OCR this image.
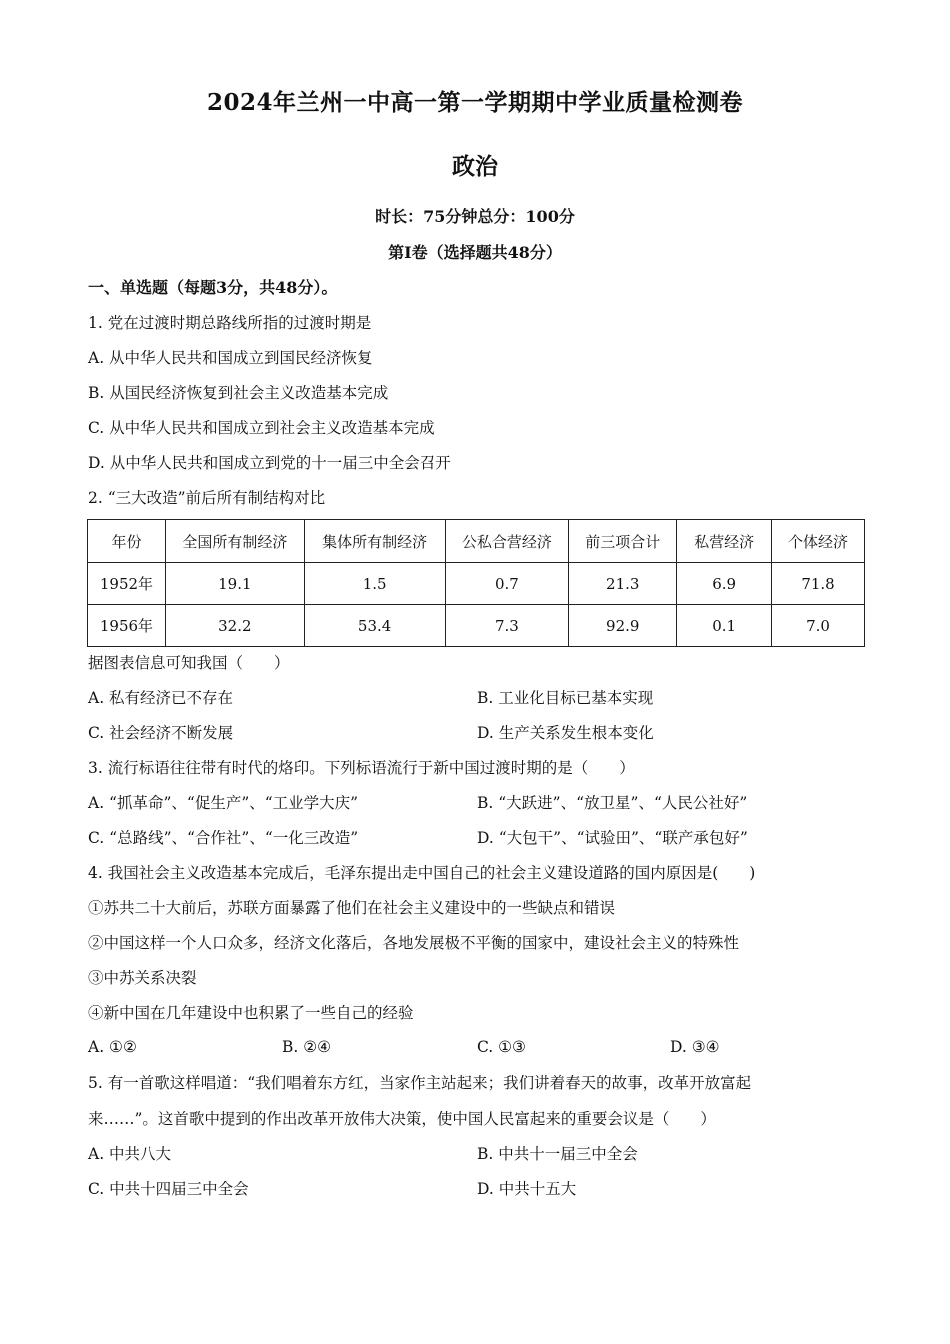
2024年兰州一中高一第一学期期中学业质量检测卷
政治
时长：75分钟总分：100分
第Ⅰ卷（选择题共48分）
一、单选题（每题3分，共48分）。
1. 党在过渡时期总路线所指的过渡时期是
A. 从中华人民共和国成立到国民经济恢复
B. 从国民经济恢复到社会主义改造基本完成
C. 从中华人民共和国成立到社会主义改造基本完成
D. 从中华人民共和国成立到党的十一届三中全会召开
2. “三大改造”前后所有制结构对比
年份	全国所有制经济	集体所有制经济	公私合营经济	前三项合计	私营经济	个体经济
1952年	19.1	1.5	0.7	21.3	6.9	71.8
1956年	32.2	53.4	7.3	92.9	0.1	7.0
据图表信息可知我国（　　）
A. 私有经济已不存在	B. 工业化目标已基本实现
C. 社会经济不断发展	D. 生产关系发生根本变化
3. 流行标语往往带有时代的烙印。下列标语流行于新中国过渡时期的是（　　）
A. “抓革命”、“促生产”、“工业学大庆”	B. “大跃进”、“放卫星”、“人民公社好”
C. “总路线”、“合作社”、“一化三改造”	D. “大包干”、“试验田”、“联产承包好”
4. 我国社会主义改造基本完成后，毛泽东提出走中国自己的社会主义建设道路的国内原因是(　　)
①苏共二十大前后，苏联方面暴露了他们在社会主义建设中的一些缺点和错误
②中国这样一个人口众多，经济文化落后，各地发展极不平衡的国家中，建设社会主义的特殊性
③中苏关系决裂
④新中国在几年建设中也积累了一些自己的经验
A. ①②	B. ②④	C. ①③	D. ③④
5. 有一首歌这样唱道：“我们唱着东方红，当家作主站起来；我们讲着春天的故事，改革开放富起
来……”。这首歌中提到的作出改革开放伟大决策，使中国人民富起来的重要会议是（　　）
A. 中共八大	B. 中共十一届三中全会
C. 中共十四届三中全会	D. 中共十五大
